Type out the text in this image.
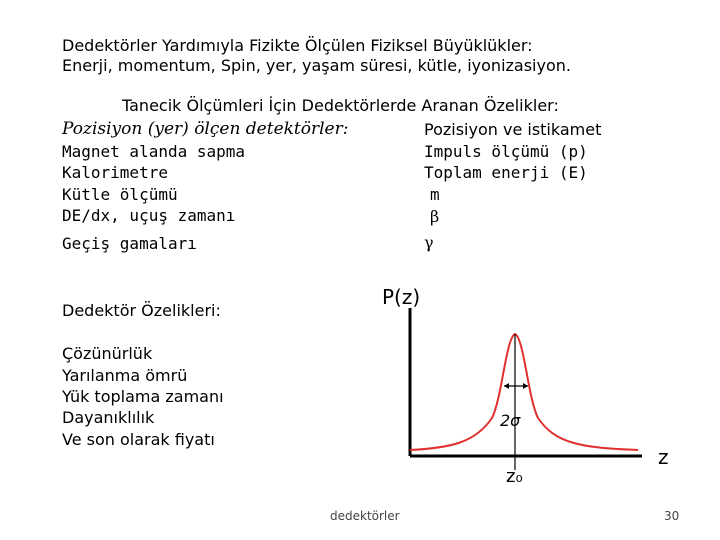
Dedektörler Yardımıyla Fizikte Ölçülen Fiziksel Büyüklükler:
Enerji, momentum, Spin, yer, yaşam süresi, kütle, iyonizasiyon.
Tanecik Ölçümleri İçin Dedektörlerde Aranan Özelikler:
Pozisiyon (yer) ölçen detektörler:	Pozisiyon ve istikamet
Magnet alanda sapma	Impuls ölçümü (p)
Kalorimetre	Toplam enerji (E)
Kütle ölçümü	m
DE/dx, uçuş zamanı	β
Geçiş gamaları	γ
Dedektör Özelikleri:
Çözünürlük
Yarılanma ömrü
Yük toplama zamanı
Dayanıklılık
Ve son olarak fiyatı
P(z)
z
2σ
z₀
dedektörler	30
